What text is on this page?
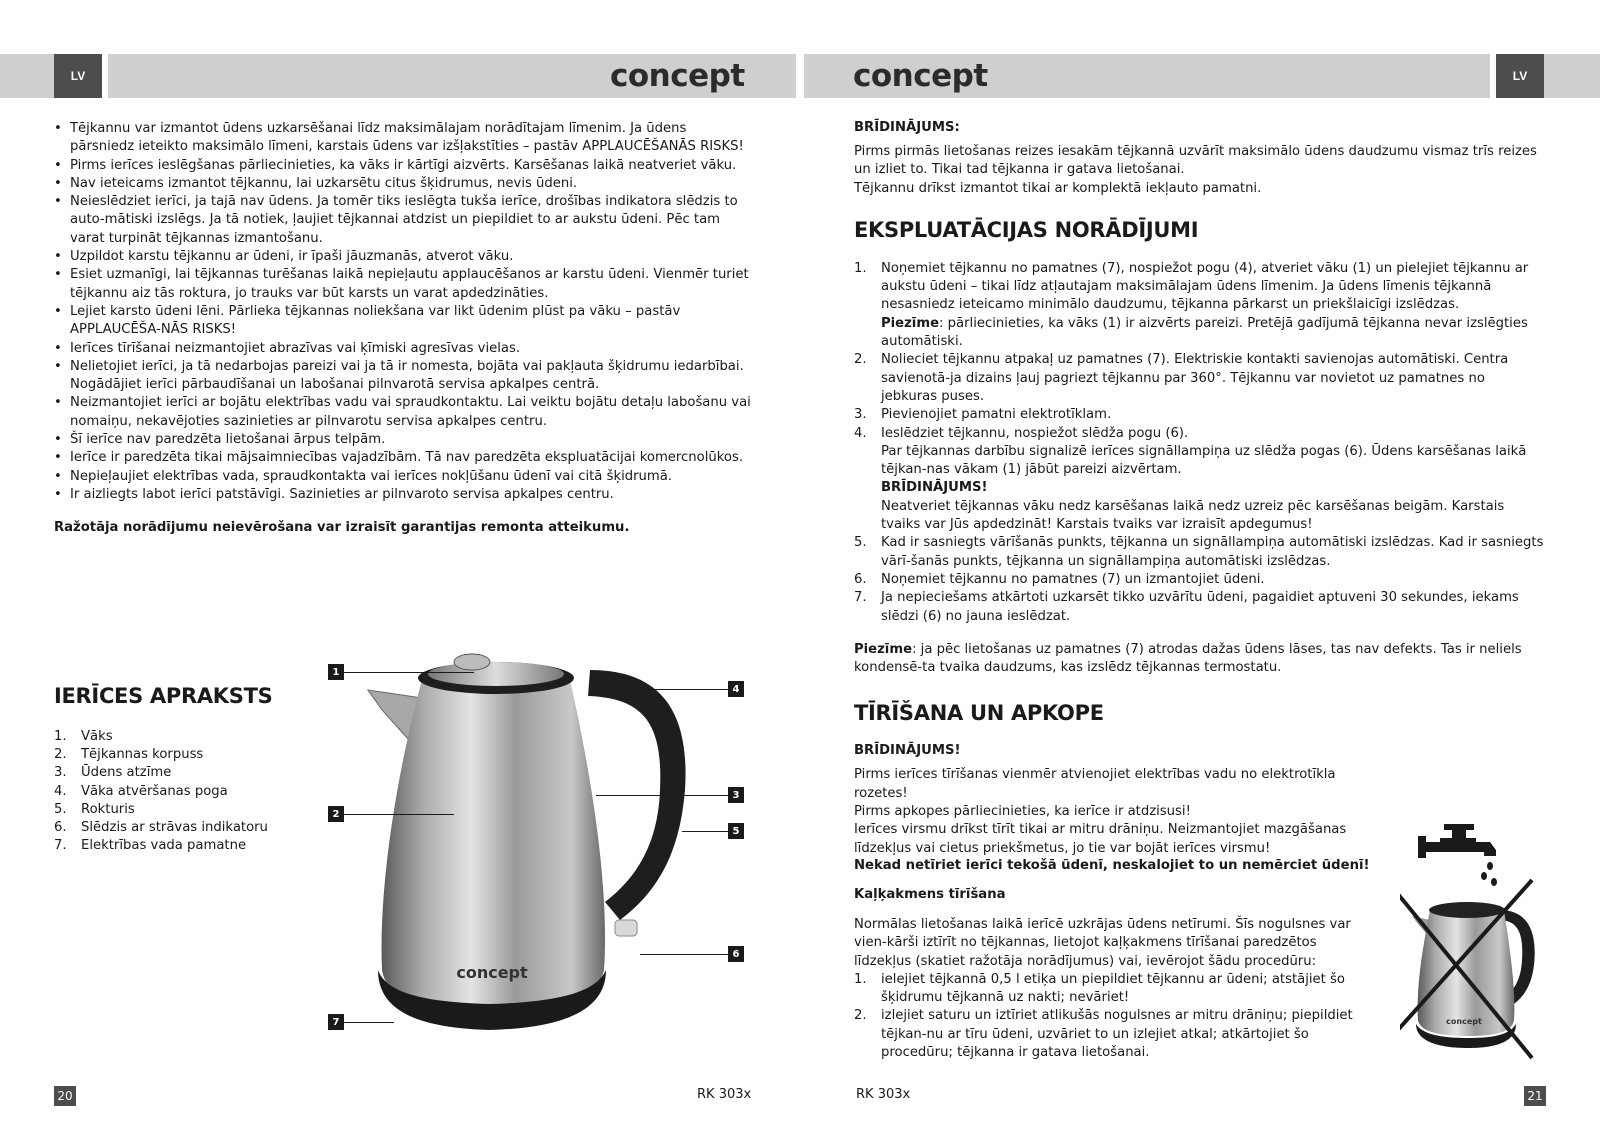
LV	LV
concept	concept
• Tējkannu var izmantot ūdens uzkarsēšanai līdz maksimālajam norādītajam līmenim. Ja ūdens pārsniedz ieteikto maksimālo līmeni, karstais ūdens var izšļakstīties – pastāv APPLAUCĒŠANĀS RISKS!
• Pirms ierīces ieslēgšanas pārliecinieties, ka vāks ir kārtīgi aizvērts. Karsēšanas laikā neatveriet vāku.
• Nav ieteicams izmantot tējkannu, lai uzkarsētu citus šķidrumus, nevis ūdeni.
• Neieslēdziet ierīci, ja tajā nav ūdens. Ja tomēr tiks ieslēgta tukša ierīce, drošības indikatora slēdzis to auto-mātiski izslēgs. Ja tā notiek, ļaujiet tējkannai atdzist un piepildiet to ar aukstu ūdeni. Pēc tam varat turpināt tējkannas izmantošanu.
• Uzpildot karstu tējkannu ar ūdeni, ir īpaši jāuzmanās, atverot vāku.
• Esiet uzmanīgi, lai tējkannas turēšanas laikā nepieļautu applaucēšanos ar karstu ūdeni. Vienmēr turiet tējkannu aiz tās roktura, jo trauks var būt karsts un varat apdedzināties.
• Lejiet karsto ūdeni lēni. Pārlieka tējkannas noliekšana var likt ūdenim plūst pa vāku – pastāv APPLAUCĒŠA-NĀS RISKS!
• Ierīces tīrīšanai neizmantojiet abrazīvas vai ķīmiski agresīvas vielas.
• Nelietojiet ierīci, ja tā nedarbojas pareizi vai ja tā ir nomesta, bojāta vai pakļauta šķidrumu iedarbībai. Nogādājiet ierīci pārbaudīšanai un labošanai pilnvarotā servisa apkalpes centrā.
• Neizmantojiet ierīci ar bojātu elektrības vadu vai spraudkontaktu. Lai veiktu bojātu detaļu labošanu vai nomaiņu, nekavējoties sazinieties ar pilnvarotu servisa apkalpes centru.
• Šī ierīce nav paredzēta lietošanai ārpus telpām.
• Ierīce ir paredzēta tikai mājsaimniecības vajadzībām. Tā nav paredzēta ekspluatācijai komercnolūkos.
• Nepieļaujiet elektrības vada, spraudkontakta vai ierīces nokļūšanu ūdenī vai citā šķidrumā.
• Ir aizliegts labot ierīci patstāvīgi. Sazinieties ar pilnvaroto servisa apkalpes centru.
Ražotāja norādījumu neievērošana var izraisīt garantijas remonta atteikumu.
IERĪCES APRAKSTS
1. Vāks
2. Tējkannas korpuss
3. Ūdens atzīme
4. Vāka atvēršanas poga
5. Rokturis
6. Slēdzis ar strāvas indikatoru
7. Elektrības vada pamatne
concept
1
2
3
4
5
6
7
BRĪDINĀJUMS:
Pirms pirmās lietošanas reizes iesakām tējkannā uzvārīt maksimālo ūdens daudzumu vismaz trīs reizes un izliet to. Tikai tad tējkanna ir gatava lietošanai.
Tējkannu drīkst izmantot tikai ar komplektā iekļauto pamatni.
EKSPLUATĀCIJAS NORĀDĪJUMI
1. Noņemiet tējkannu no pamatnes (7), nospiežot pogu (4), atveriet vāku (1) un pielejiet tējkannu ar aukstu ūdeni – tikai līdz atļautajam maksimālajam ūdens līmenim. Ja ūdens līmenis tējkannā nesasniedz ieteicamo minimālo daudzumu, tējkanna pārkarst un priekšlaicīgi izslēdzas.
Piezīme: pārliecinieties, ka vāks (1) ir aizvērts pareizi. Pretējā gadījumā tējkanna nevar izslēgties automātiski.
2. Nolieciet tējkannu atpakaļ uz pamatnes (7). Elektriskie kontakti savienojas automātiski. Centra savienotā-ja dizains ļauj pagriezt tējkannu par 360°. Tējkannu var novietot uz pamatnes no jebkuras puses.
3. Pievienojiet pamatni elektrotīklam.
4. Ieslēdziet tējkannu, nospiežot slēdža pogu (6).
Par tējkannas darbību signalizē ierīces signāllampiņa uz slēdža pogas (6). Ūdens karsēšanas laikā tējkan-nas vākam (1) jābūt pareizi aizvērtam.
BRĪDINĀJUMS!
Neatveriet tējkannas vāku nedz karsēšanas laikā nedz uzreiz pēc karsēšanas beigām. Karstais tvaiks var Jūs apdedzināt! Karstais tvaiks var izraisīt apdegumus!
5. Kad ir sasniegts vārīšanās punkts, tējkanna un signāllampiņa automātiski izslēdzas. Kad ir sasniegts vārī-šanās punkts, tējkanna un signāllampiņa automātiski izslēdzas.
6. Noņemiet tējkannu no pamatnes (7) un izmantojiet ūdeni.
7. Ja nepieciešams atkārtoti uzkarsēt tikko uzvārītu ūdeni, pagaidiet aptuveni 30 sekundes, iekams slēdzi (6) no jauna ieslēdzat.
Piezīme: ja pēc lietošanas uz pamatnes (7) atrodas dažas ūdens lāses, tas nav defekts. Tas ir neliels kondensē-ta tvaika daudzums, kas izslēdz tējkannas termostatu.
TĪRĪŠANA UN APKOPE
BRĪDINĀJUMS!
Pirms ierīces tīrīšanas vienmēr atvienojiet elektrības vadu no elektrotīkla rozetes!
Pirms apkopes pārliecinieties, ka ierīce ir atdzisusi!
Ierīces virsmu drīkst tīrīt tikai ar mitru drāniņu. Neizmantojiet mazgāšanas līdzekļus vai cietus priekšmetus, jo tie var bojāt ierīces virsmu!
Nekad netīriet ierīci tekošā ūdenī, neskalojiet to un nemērciet ūdenī!
Kaļķakmens tīrīšana
Normālas lietošanas laikā ierīcē uzkrājas ūdens netīrumi. Šīs nogulsnes var vien-kārši iztīrīt no tējkannas, lietojot kaļķakmens tīrīšanai paredzētos līdzekļus (skatiet ražotāja norādījumus) vai, ievērojot šādu procedūru:
1. ielejiet tējkannā 0,5 l etiķa un piepildiet tējkannu ar ūdeni; atstājiet šo šķidrumu tējkannā uz nakti; nevāriet!
2. izlejiet saturu un iztīriet atlikušās nogulsnes ar mitru drāniņu; piepildiet tējkan-nu ar tīru ūdeni, uzvāriet to un izlejiet atkal; atkārtojiet šo procedūru; tējkanna ir gatava lietošanai.
concept
20	RK 303x	RK 303x	21
